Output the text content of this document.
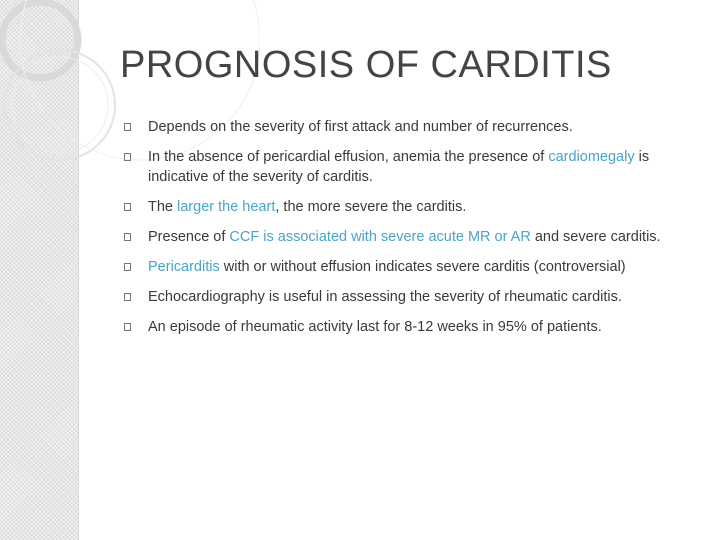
PROGNOSIS OF CARDITIS
Depends on the severity of first attack and number of recurrences.
In the absence of pericardial effusion, anemia the presence of cardiomegaly is indicative of the severity of carditis.
The larger the heart, the more severe the carditis.
Presence of CCF is associated with severe acute MR or AR and severe carditis.
Pericarditis with or without effusion indicates severe carditis (controversial)
Echocardiography is useful in assessing the severity of rheumatic carditis.
An episode of rheumatic activity last for 8-12 weeks in 95% of patients.
